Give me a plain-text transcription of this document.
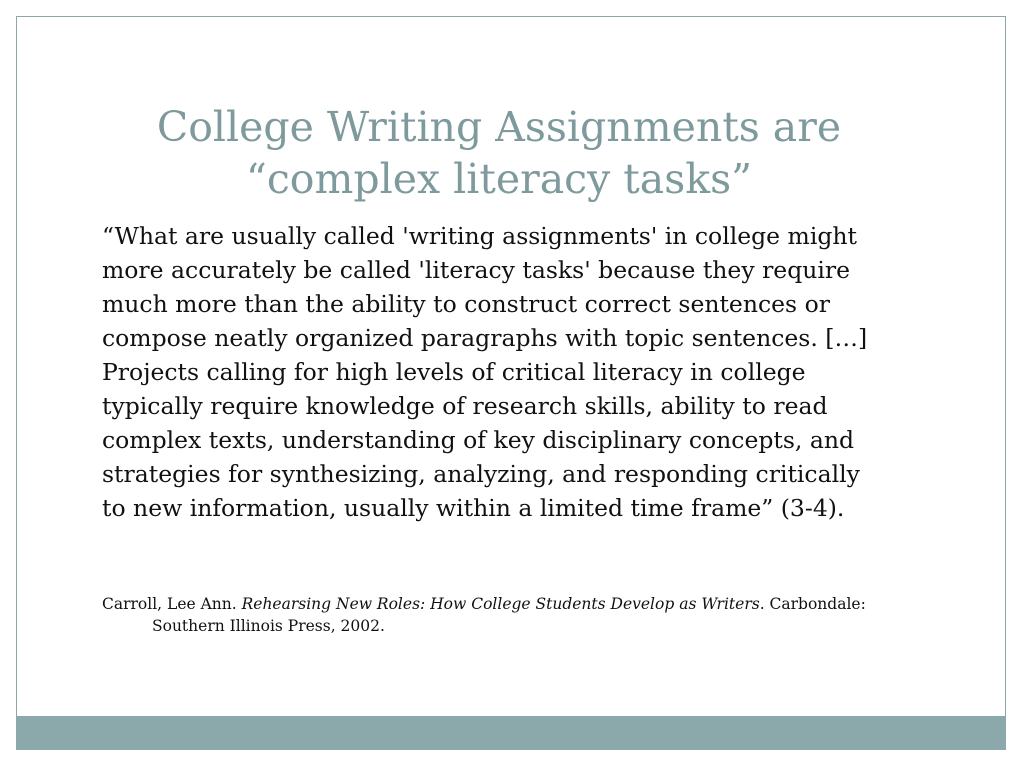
College Writing Assignments are
“complex literacy tasks”
“What are usually called 'writing assignments' in college might
more accurately be called 'literacy tasks' because they require
much more than the ability to construct correct sentences or
compose neatly organized paragraphs with topic sentences. […]
Projects calling for high levels of critical literacy in college
typically require knowledge of research skills, ability to read
complex texts, understanding of key disciplinary concepts, and
strategies for synthesizing, analyzing, and responding critically
to new information, usually within a limited time frame” (3-4).
Carroll, Lee Ann. Rehearsing New Roles: How College Students Develop as Writers. Carbondale:
Southern Illinois Press, 2002.
